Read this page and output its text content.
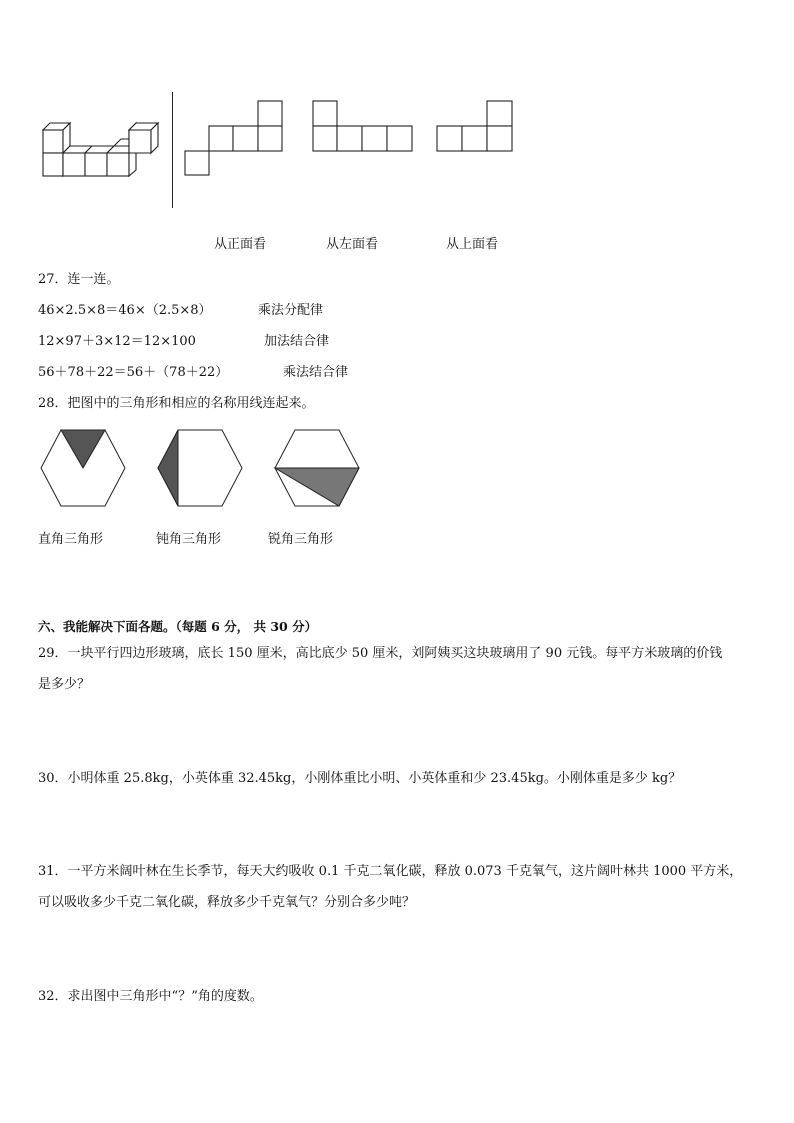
从正面看	从左面看	从上面看
27．连一连。
46×2.5×8＝46×（2.5×8）	乘法分配律
12×97＋3×12＝12×100	加法结合律
56＋78＋22＝56＋（78＋22）	乘法结合律
28．把图中的三角形和相应的名称用线连起来。
直角三角形	钝角三角形	锐角三角形
六、我能解决下面各题。（每题 6 分， 共 30 分）
29．一块平行四边形玻璃，底长 150 厘米，高比底少 50 厘米，刘阿姨买这块玻璃用了 90 元钱。每平方米玻璃的价钱
是多少？
30．小明体重 25.8kg，小英体重 32.45kg，小刚体重比小明、小英体重和少 23.45kg。小刚体重是多少 kg？
31．一平方米阔叶林在生长季节，每天大约吸收 0.1 千克二氧化碳，释放 0.073 千克氧气，这片阔叶林共 1000 平方米，
可以吸收多少千克二氧化碳，释放多少千克氧气？分别合多少吨？
32．求出图中三角形中“？”角的度数。
